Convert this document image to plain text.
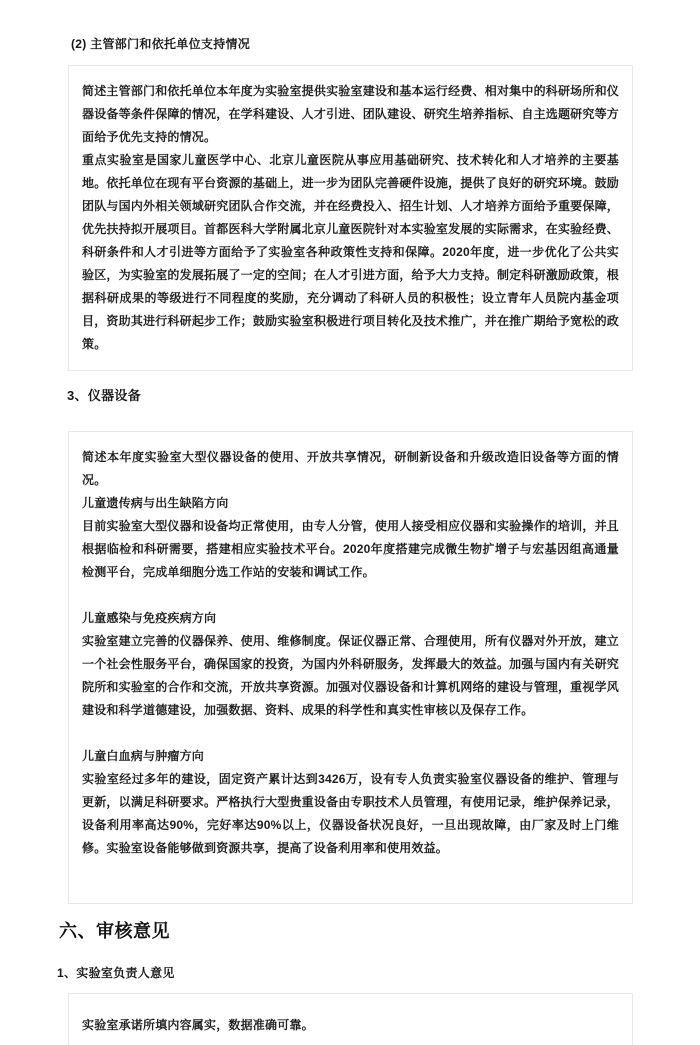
(2) 主管部门和依托单位支持情况

简述主管部门和依托单位本年度为实验室提供实验室建设和基本运行经费、相对集中的科研场所和仪器设备等条件保障的情况，在学科建设、人才引进、团队建设、研究生培养指标、自主选题研究等方面给予优先支持的情况。

重点实验室是国家儿童医学中心、北京儿童医院从事应用基础研究、技术转化和人才培养的主要基地。依托单位在现有平台资源的基础上，进一步为团队完善硬件设施，提供了良好的研究环境。鼓励团队与国内外相关领域研究团队合作交流，并在经费投入、招生计划、人才培养方面给予重要保障，优先扶持拟开展项目。首都医科大学附属北京儿童医院针对本实验室发展的实际需求，在实验经费、科研条件和人才引进等方面给予了实验室各种政策性支持和保障。2020年度，进一步优化了公共实验区，为实验室的发展拓展了一定的空间；在人才引进方面，给予大力支持。制定科研激励政策，根据科研成果的等级进行不同程度的奖励，充分调动了科研人员的积极性；设立青年人员院内基金项目，资助其进行科研起步工作；鼓励实验室积极进行项目转化及技术推广，并在推广期给予宽松的政策。

3、仪器设备

简述本年度实验室大型仪器设备的使用、开放共享情况，研制新设备和升级改造旧设备等方面的情况。

儿童遗传病与出生缺陷方向

目前实验室大型仪器和设备均正常使用，由专人分管，使用人接受相应仪器和实验操作的培训，并且根据临检和科研需要，搭建相应实验技术平台。2020年度搭建完成微生物扩增子与宏基因组高通量检测平台，完成单细胞分选工作站的安装和调试工作。

儿童感染与免疫疾病方向

实验室建立完善的仪器保养、使用、维修制度。保证仪器正常、合理使用，所有仪器对外开放，建立一个社会性服务平台，确保国家的投资，为国内外科研服务，发挥最大的效益。加强与国内有关研究院所和实验室的合作和交流，开放共享资源。加强对仪器设备和计算机网络的建设与管理，重视学风建设和科学道德建设，加强数据、资料、成果的科学性和真实性审核以及保存工作。

儿童白血病与肿瘤方向

实验室经过多年的建设，固定资产累计达到3426万，设有专人负责实验室仪器设备的维护、管理与更新，以满足科研要求。严格执行大型贵重设备由专职技术人员管理，有使用记录，维护保养记录，设备利用率高达90%，完好率达90%以上，仪器设备状况良好，一旦出现故障，由厂家及时上门维修。实验室设备能够做到资源共享，提高了设备利用率和使用效益。

六、审核意见
1、实验室负责人意见

实验室承诺所填内容属实，数据准确可靠。
